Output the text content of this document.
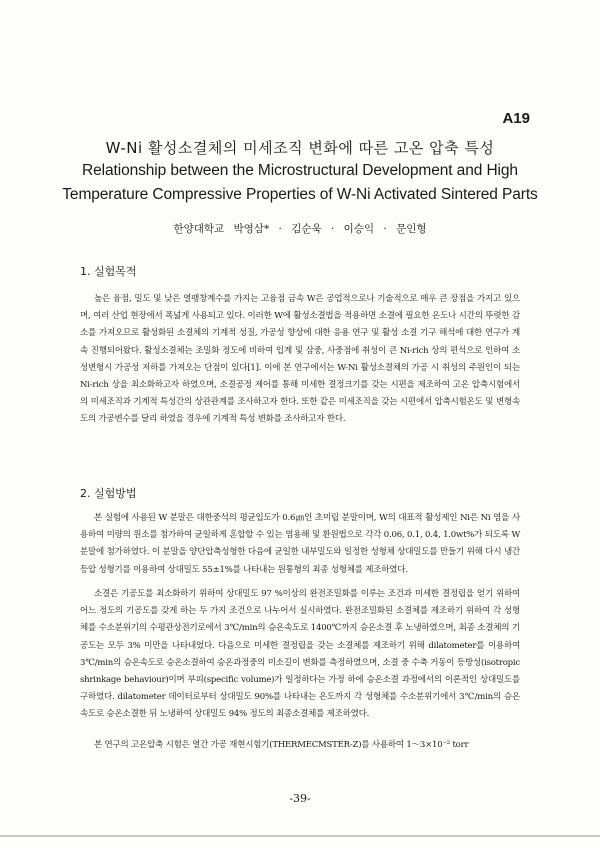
A19
W-Ni 활성소결체의 미세조직 변화에 따른 고온 압축 특성
Relationship between the Microstructural Development and High Temperature Compressive Properties of W-Ni Activated Sintered Parts
한양대학교 박영삼* · 김순욱 · 이승익 · 문인형
1. 실험목적
높은 융점, 밀도 및 낮은 열팽창계수를 가지는 고융점 금속 W은 공업적으로나 기술적으로 매우 큰 장점을 가지고 있으며, 여러 산업 현장에서 폭넓게 사용되고 있다. 이러한 W에 활성소결법을 적용하면 소결에 필요한 온도나 시간의 뚜렷한 감소를 가져오므로 활성화된 소결체의 기계적 성질, 가공성 향상에 대한 응용 연구 및 활성 소결 기구 해석에 대한 연구가 계속 진행되어왔다. 활성소결체는 조밀화 정도에 비하여 입계 및 삼중, 사중점에 취성이 큰 Ni-rich 상의 편석으로 인하여 소성변형시 가공성 저하를 가져오는 단점이 있다[1]. 이에 본 연구에서는 W-Ni 활성소결체의 가공 시 취성의 주원인이 되는 Ni-rich 상을 최소화하고자 하였으며, 소결공정 제어를 통해 미세한 결정크기를 갖는 시편을 제조하여 고온 압축시험에서의 미세조직과 기계적 특성간의 상관관계를 조사하고자 한다. 또한 같은 미세조직을 갖는 시편에서 압축시험온도 및 변형속도의 가공변수를 달리 하였을 경우에 기계적 특성 변화를 조사하고자 한다.
2. 실험방법
본 실험에 사용된 W 분말은 대한중석의 평균입도가 0.6㎛인 초미립 분말이며, W의 대표적 활성제인 Ni은 Ni 염을 사용하여 미량의 원소를 첨가하여 균일하게 혼합할 수 있는 염용해 및 환원법으로 각각 0.06, 0.1, 0.4, 1.0wt%가 되도록 W 분말에 첨가하였다. 이 분말을 양단압축성형한 다음에 균일한 내부밀도와 일정한 성형체 상대밀도를 만들기 위해 다시 냉간 등압 성형기를 이용하여 상대밀도 55±1%를 나타내는 원통형의 최종 성형체를 제조하였다.
소결은 기공도를 최소화하기 위하여 상대밀도 97 %이상의 완전조밀화를 이루는 조건과 미세한 결정립을 얻기 위하여 어느 정도의 기공도를 갖게 하는 두 가지 조건으로 나누어서 실시하였다. 완전조밀화된 소결체를 제조하기 위하여 각 성형체를 수소분위기의 수평관상전기로에서 3℃/min의 승온속도로 1400℃까지 승온소결 후 노냉하였으며, 최종 소결체의 기공도는 모두 3% 미만을 나타내었다. 다음으로 미세한 결정립을 갖는 소결체를 제조하기 위해 dilatometer를 이용하여 3℃/min의 승온속도로 승온소결하여 승온과정중의 미소길이 변화를 측정하였으며, 소결 중 수축 거동이 등방성(isotropic shrinkage behaviour)이며 부피(specific volume)가 일정하다는 가정 하에 승온소결 과정에서의 이론적인 상대밀도를 구하였다. dilatometer 데이터로부터 상대밀도 90%를 나타내는 온도까지 각 성형체를 수소분위기에서 3℃/min의 승온속도로 승온소결한 뒤 노냉하여 상대밀도 94% 정도의 최종소결체를 제조하였다.
본 연구의 고온압축 시험은 열간 가공 재현시험기(THERMECMSTER-Z)를 사용하여 1～3×10⁻² torr
-39-
